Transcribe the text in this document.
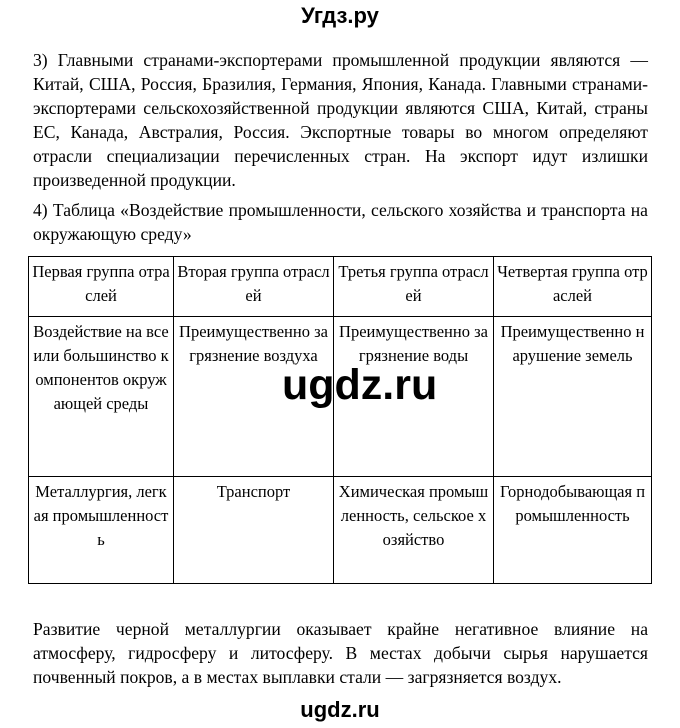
Угдз.ру
3) Главными странами-экспортерами промышленной продукции являются — Китай, США, Россия, Бразилия, Германия, Япония, Канада. Главными странами-экспортерами сельскохозяйственной продукции являются США, Китай, страны ЕС, Канада, Австралия, Россия. Экспортные товары во многом определяют отрасли специализации перечисленных стран. На экспорт идут излишки произведенной продукции.
4) Таблица «Воздействие промышленности, сельского хозяйства и транспорта на окружающую среду»
Первая группа отраслей	Вторая группа отраслей	Третья группа отраслей	Четвертая группа отраслей
Воздействие на все или большинство компонентов окружающей среды	Преимущественно загрязнение воздуха	Преимущественно загрязнение воды	Преимущественно нарушение земель
Металлургия, легкая промышленность	Транспорт	Химическая промышленность, сельское хозяйство	Горнодобывающая промышленность
ugdz.ru
Развитие черной металлургии оказывает крайне негативное влияние на атмосферу, гидросферу и литосферу. В местах добычи сырья нарушается почвенный покров, а в местах выплавки стали — загрязняется воздух.
ugdz.ru
